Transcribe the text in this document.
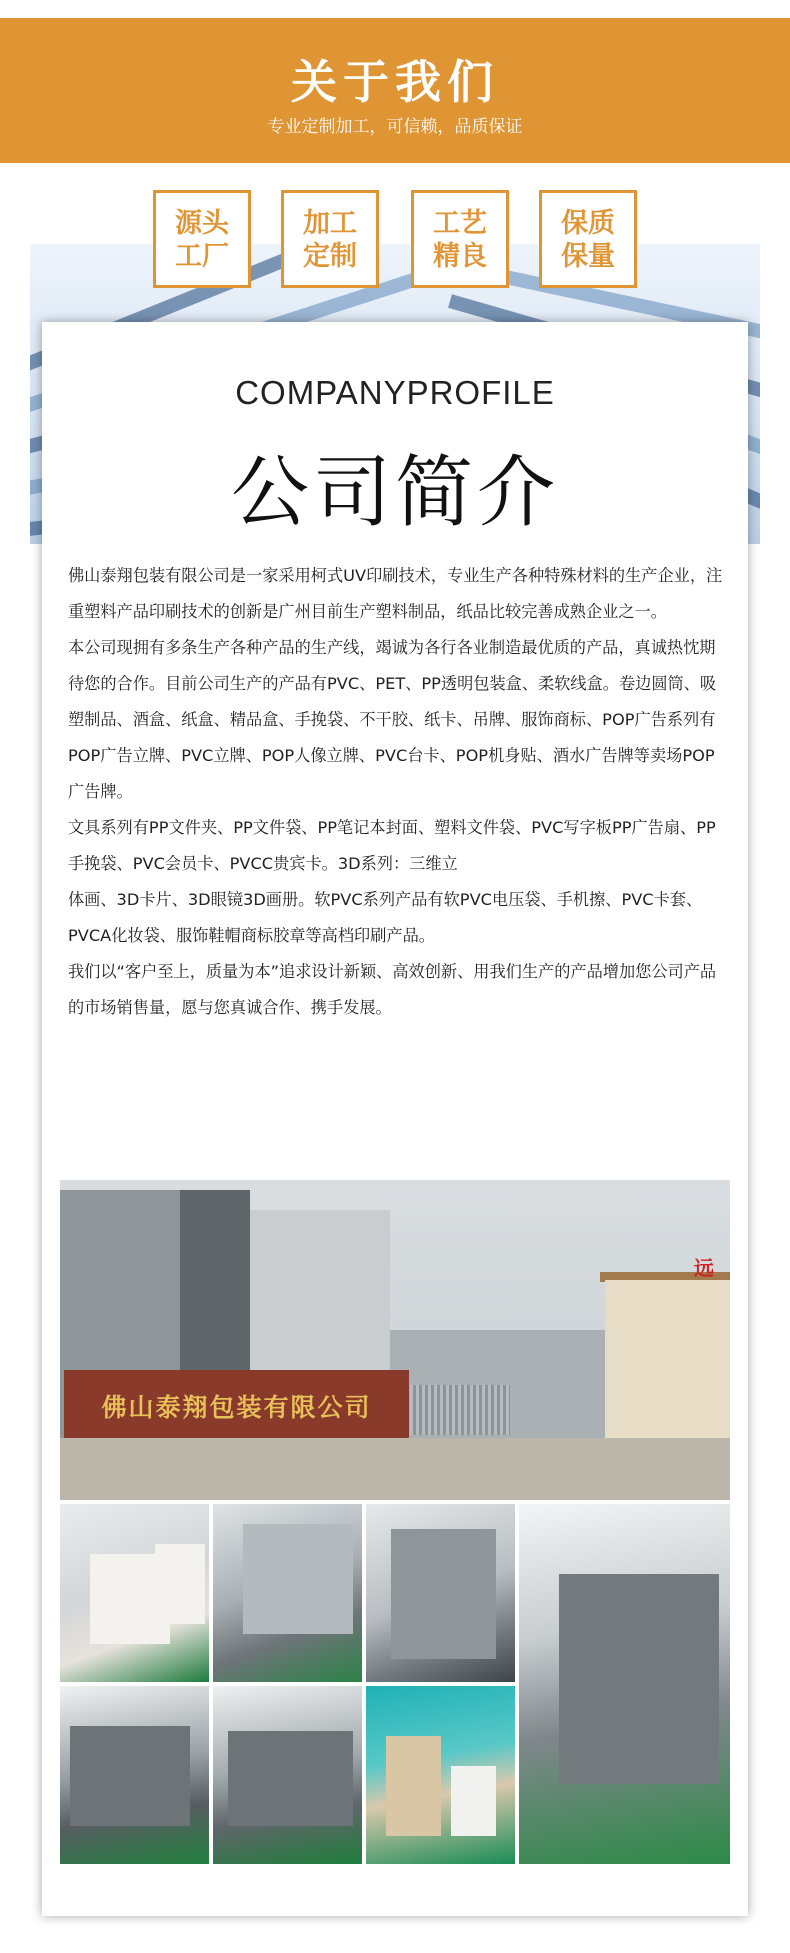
关于我们
专业定制加工，可信赖，品质保证
源头
工厂
加工
定制
工艺
精良
保质
保量
COMPANYPROFILE
公司简介

佛山泰翔包装有限公司是一家采用柯式UV印刷技术，专业生产各种特殊材料的生产企业，注重塑料产品印刷技术的创新是广州目前生产塑料制品，纸品比较完善成熟企业之一。

本公司现拥有多条生产各种产品的生产线，竭诚为各行各业制造最优质的产品，真诚热忱期待您的合作。目前公司生产的产品有PVC、PET、PP透明包装盒、柔软线盒。卷边圆筒、吸塑制品、酒盒、纸盒、精品盒、手挽袋、不干胶、纸卡、吊牌、服饰商标、POP广告系列有POP广告立牌、PVC立牌、POP人像立牌、PVC台卡、POP机身贴、酒水广告牌等卖场POP广告牌。

文具系列有PP文件夹、PP文件袋、PP笔记本封面、塑料文件袋、PVC写字板PP广告扇、PP手挽袋、PVC会员卡、PVCC贵宾卡。3D系列：三维立

体画、3D卡片、3D眼镜3D画册。软PVC系列产品有软PVC电压袋、手机擦、PVC卡套、PVCA化妆袋、服饰鞋帽商标胶章等高档印刷产品。

我们以“客户至上，质量为本”追求设计新颖、高效创新、用我们生产的产品增加您公司产品的市场销售量，愿与您真诚合作、携手发展。

远
佛山泰翔包装有限公司
